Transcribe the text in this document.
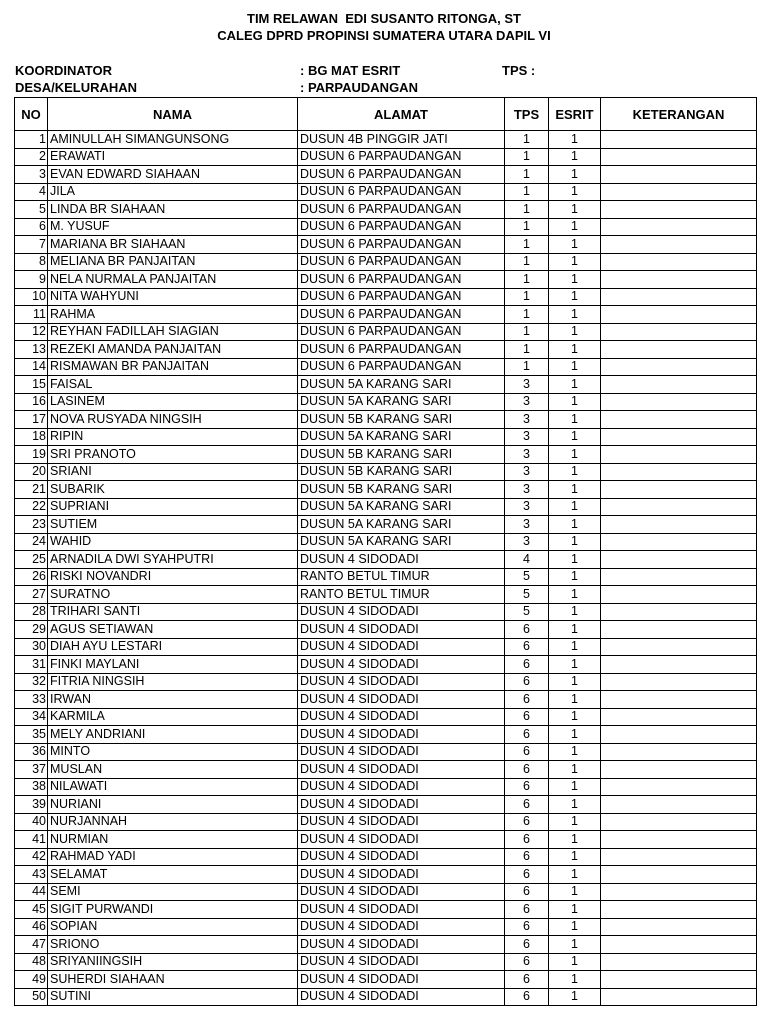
TIM RELAWAN  EDI SUSANTO RITONGA, ST
CALEG DPRD PROPINSI SUMATERA UTARA DAPIL VI
KOORDINATOR	: BG MAT ESRIT	TPS :
DESA/KELURAHAN	: PARPAUDANGAN
NO	NAMA	ALAMAT	TPS	ESRIT	KETERANGAN
1	AMINULLAH SIMANGUNSONG	DUSUN 4B PINGGIR JATI	1	1	
2	ERAWATI	DUSUN 6 PARPAUDANGAN	1	1	
3	EVAN EDWARD SIAHAAN	DUSUN 6 PARPAUDANGAN	1	1	
4	JILA	DUSUN 6 PARPAUDANGAN	1	1	
5	LINDA BR SIAHAAN	DUSUN 6 PARPAUDANGAN	1	1	
6	M. YUSUF	DUSUN 6 PARPAUDANGAN	1	1	
7	MARIANA BR SIAHAAN	DUSUN 6 PARPAUDANGAN	1	1	
8	MELIANA BR PANJAITAN	DUSUN 6 PARPAUDANGAN	1	1	
9	NELA NURMALA PANJAITAN	DUSUN 6 PARPAUDANGAN	1	1	
10	NITA WAHYUNI	DUSUN 6 PARPAUDANGAN	1	1	
11	RAHMA	DUSUN 6 PARPAUDANGAN	1	1	
12	REYHAN FADILLAH SIAGIAN	DUSUN 6 PARPAUDANGAN	1	1	
13	REZEKI AMANDA PANJAITAN	DUSUN 6 PARPAUDANGAN	1	1	
14	RISMAWAN BR PANJAITAN	DUSUN 6 PARPAUDANGAN	1	1	
15	FAISAL	DUSUN 5A KARANG SARI	3	1	
16	LASINEM	DUSUN 5A KARANG SARI	3	1	
17	NOVA RUSYADA NINGSIH	DUSUN 5B KARANG SARI	3	1	
18	RIPIN	DUSUN 5A KARANG SARI	3	1	
19	SRI PRANOTO	DUSUN 5B KARANG SARI	3	1	
20	SRIANI	DUSUN 5B KARANG SARI	3	1	
21	SUBARIK	DUSUN 5B KARANG SARI	3	1	
22	SUPRIANI	DUSUN 5A KARANG SARI	3	1	
23	SUTIEM	DUSUN 5A KARANG SARI	3	1	
24	WAHID	DUSUN 5A KARANG SARI	3	1	
25	ARNADILA DWI SYAHPUTRI	DUSUN 4 SIDODADI	4	1	
26	RISKI NOVANDRI	RANTO BETUL TIMUR	5	1	
27	SURATNO	RANTO BETUL TIMUR	5	1	
28	TRIHARI SANTI	DUSUN 4 SIDODADI	5	1	
29	AGUS SETIAWAN	DUSUN 4 SIDODADI	6	1	
30	DIAH AYU LESTARI	DUSUN 4 SIDODADI	6	1	
31	FINKI MAYLANI	DUSUN 4 SIDODADI	6	1	
32	FITRIA NINGSIH	DUSUN 4 SIDODADI	6	1	
33	IRWAN	DUSUN 4 SIDODADI	6	1	
34	KARMILA	DUSUN 4 SIDODADI	6	1	
35	MELY ANDRIANI	DUSUN 4 SIDODADI	6	1	
36	MINTO	DUSUN 4 SIDODADI	6	1	
37	MUSLAN	DUSUN 4 SIDODADI	6	1	
38	NILAWATI	DUSUN 4 SIDODADI	6	1	
39	NURIANI	DUSUN 4 SIDODADI	6	1	
40	NURJANNAH	DUSUN 4 SIDODADI	6	1	
41	NURMIAN	DUSUN 4 SIDODADI	6	1	
42	RAHMAD YADI	DUSUN 4 SIDODADI	6	1	
43	SELAMAT	DUSUN 4 SIDODADI	6	1	
44	SEMI	DUSUN 4 SIDODADI	6	1	
45	SIGIT PURWANDI	DUSUN 4 SIDODADI	6	1	
46	SOPIAN	DUSUN 4 SIDODADI	6	1	
47	SRIONO	DUSUN 4 SIDODADI	6	1	
48	SRIYANIINGSIH	DUSUN 4 SIDODADI	6	1	
49	SUHERDI SIAHAAN	DUSUN 4 SIDODADI	6	1	
50	SUTINI	DUSUN 4 SIDODADI	6	1	
